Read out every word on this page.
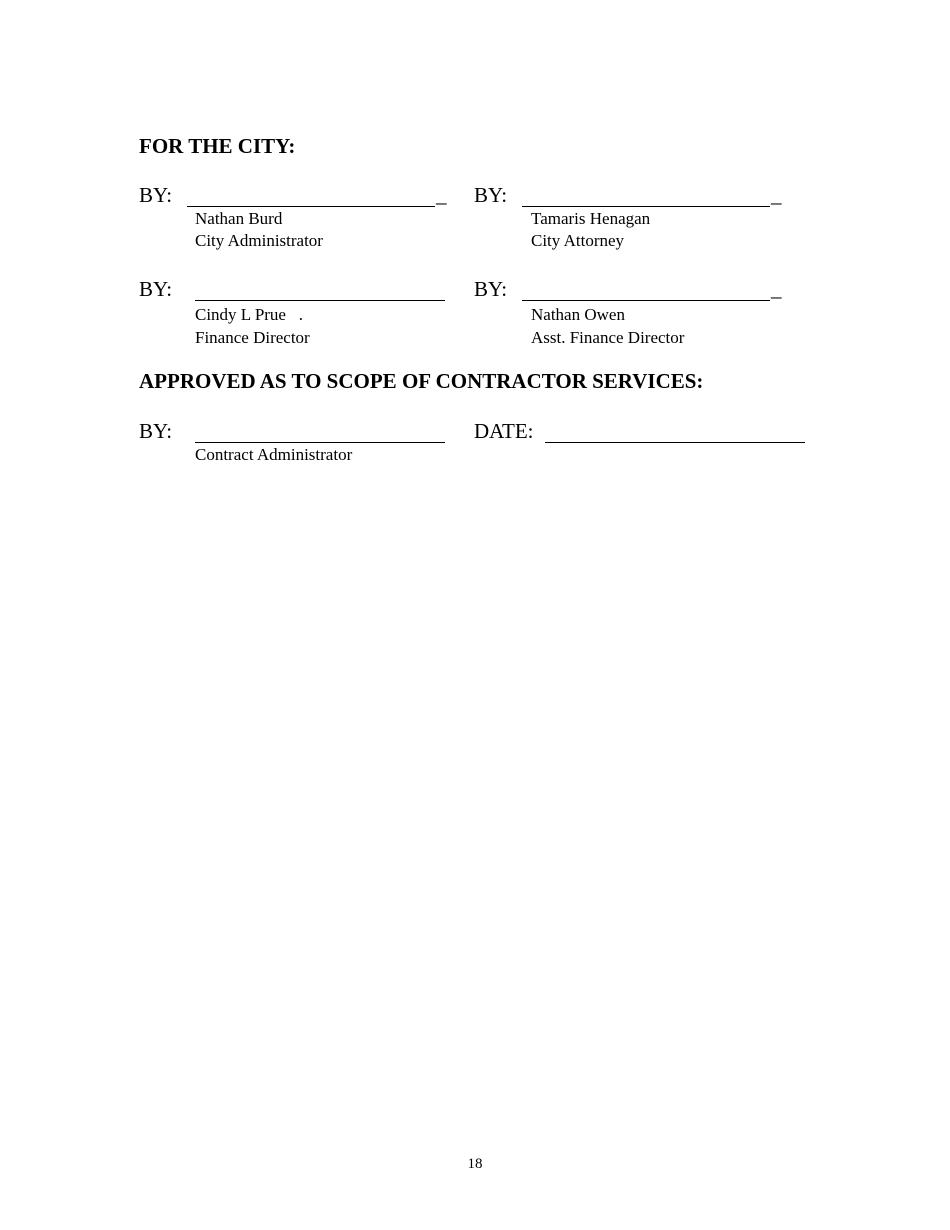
FOR THE CITY:
BY:	_
Nathan Burd
City Administrator
BY:	_
Tamaris Henagan
City Attorney
BY:
Cindy L Prue   .
Finance Director
BY:	_
Nathan Owen
Asst. Finance Director
APPROVED AS TO SCOPE OF CONTRACTOR SERVICES:
BY:
Contract Administrator
DATE:
18
